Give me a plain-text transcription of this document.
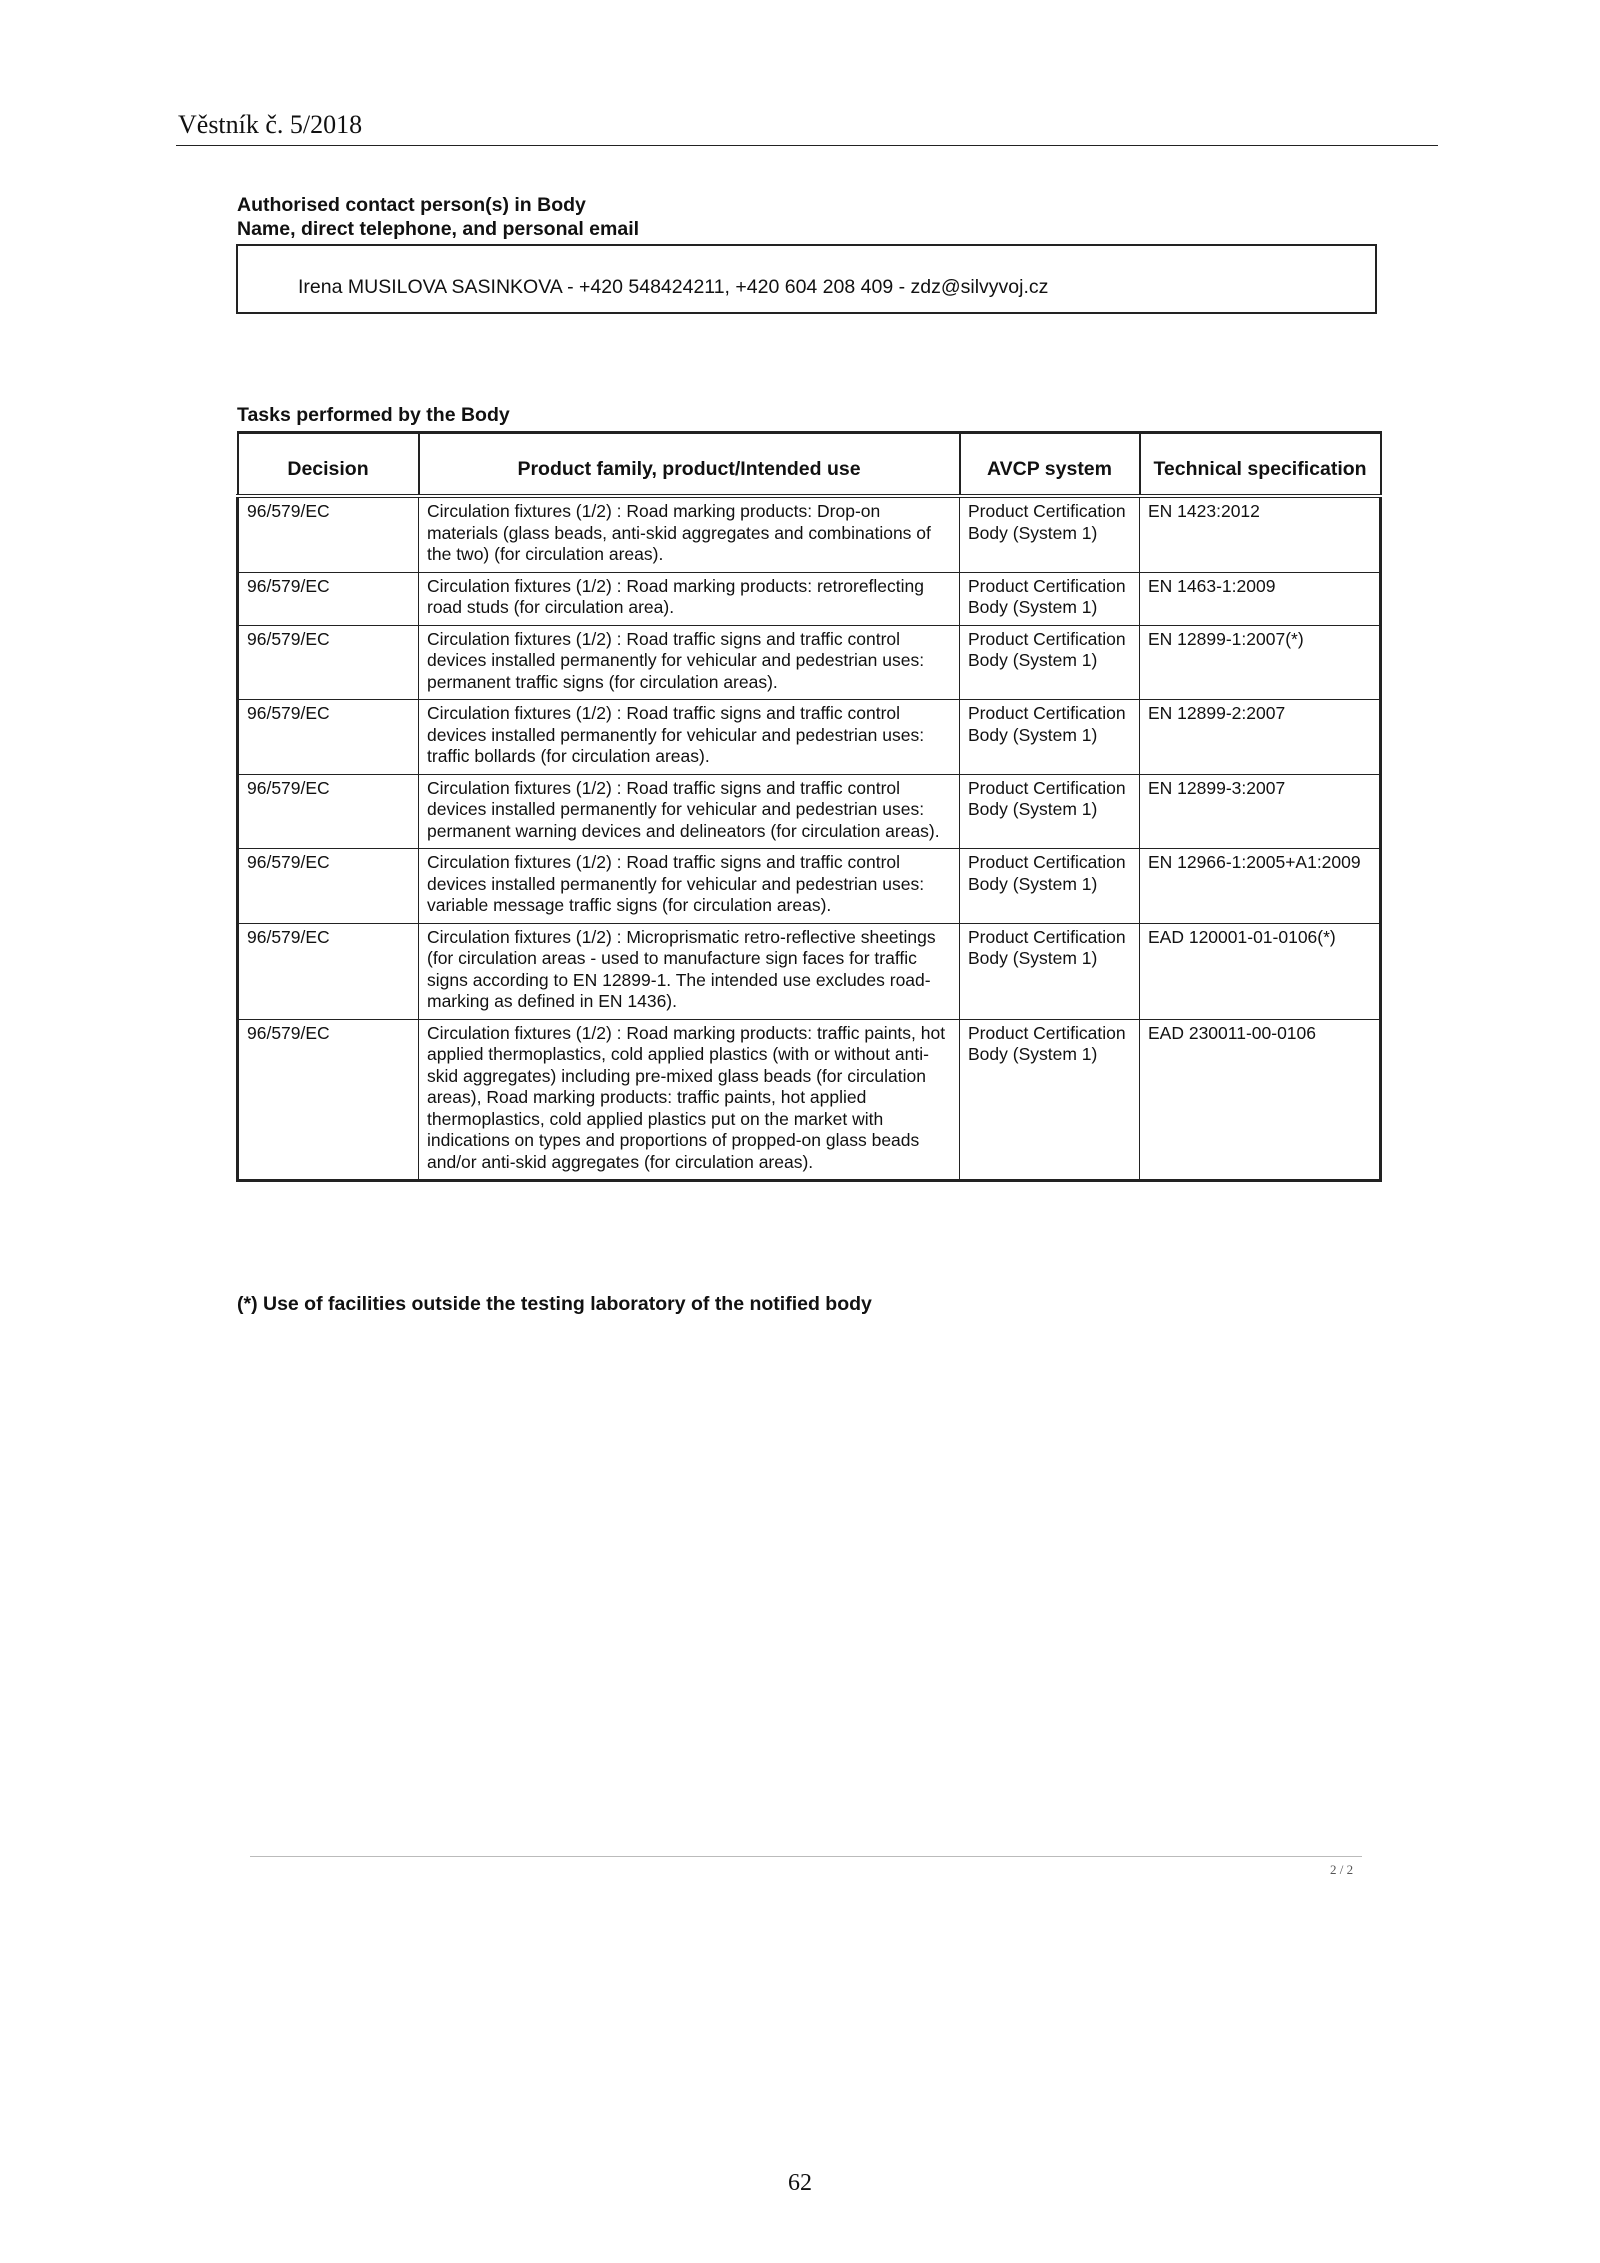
Věstník č. 5/2018
Authorised contact person(s) in Body
Name, direct telephone, and personal email
Irena MUSILOVA SASINKOVA - +420 548424211, +420 604 208 409 - zdz@silvyvoj.cz
Tasks performed by the Body
Decision	Product family, product/Intended use	AVCP system	Technical specification
96/579/EC	Circulation fixtures (1/2) : Road marking products: Drop-on materials (glass beads, anti-skid aggregates and combinations of the two) (for circulation areas).	Product Certification Body (System 1)	EN 1423:2012
96/579/EC	Circulation fixtures (1/2) : Road marking products: retroreflecting road studs (for circulation area).	Product Certification Body (System 1)	EN 1463-1:2009
96/579/EC	Circulation fixtures (1/2) : Road traffic signs and traffic control devices installed permanently for vehicular and pedestrian uses: permanent traffic signs (for circulation areas).	Product Certification Body (System 1)	EN 12899-1:2007(*)
96/579/EC	Circulation fixtures (1/2) : Road traffic signs and traffic control devices installed permanently for vehicular and pedestrian uses: traffic bollards (for circulation areas).	Product Certification Body (System 1)	EN 12899-2:2007
96/579/EC	Circulation fixtures (1/2) : Road traffic signs and traffic control devices installed permanently for vehicular and pedestrian uses: permanent warning devices and delineators (for circulation areas).	Product Certification Body (System 1)	EN 12899-3:2007
96/579/EC	Circulation fixtures (1/2) : Road traffic signs and traffic control devices installed permanently for vehicular and pedestrian uses: variable message traffic signs (for circulation areas).	Product Certification Body (System 1)	EN 12966-1:2005+A1:2009
96/579/EC	Circulation fixtures (1/2) : Microprismatic retro-reflective sheetings (for circulation areas - used to manufacture sign faces for traffic signs according to EN 12899-1. The intended use excludes road-marking as defined in EN 1436).	Product Certification Body (System 1)	EAD 120001-01-0106(*)
96/579/EC	Circulation fixtures (1/2) : Road marking products: traffic paints, hot applied thermoplastics, cold applied plastics (with or without anti-skid aggregates) including pre-mixed glass beads (for circulation areas), Road marking products: traffic paints, hot applied thermoplastics, cold applied plastics put on the market with indications on types and proportions of propped-on glass beads and/or anti-skid aggregates (for circulation areas).	Product Certification Body (System 1)	EAD 230011-00-0106
(*) Use of facilities outside the testing laboratory of the notified body
2 / 2
62
